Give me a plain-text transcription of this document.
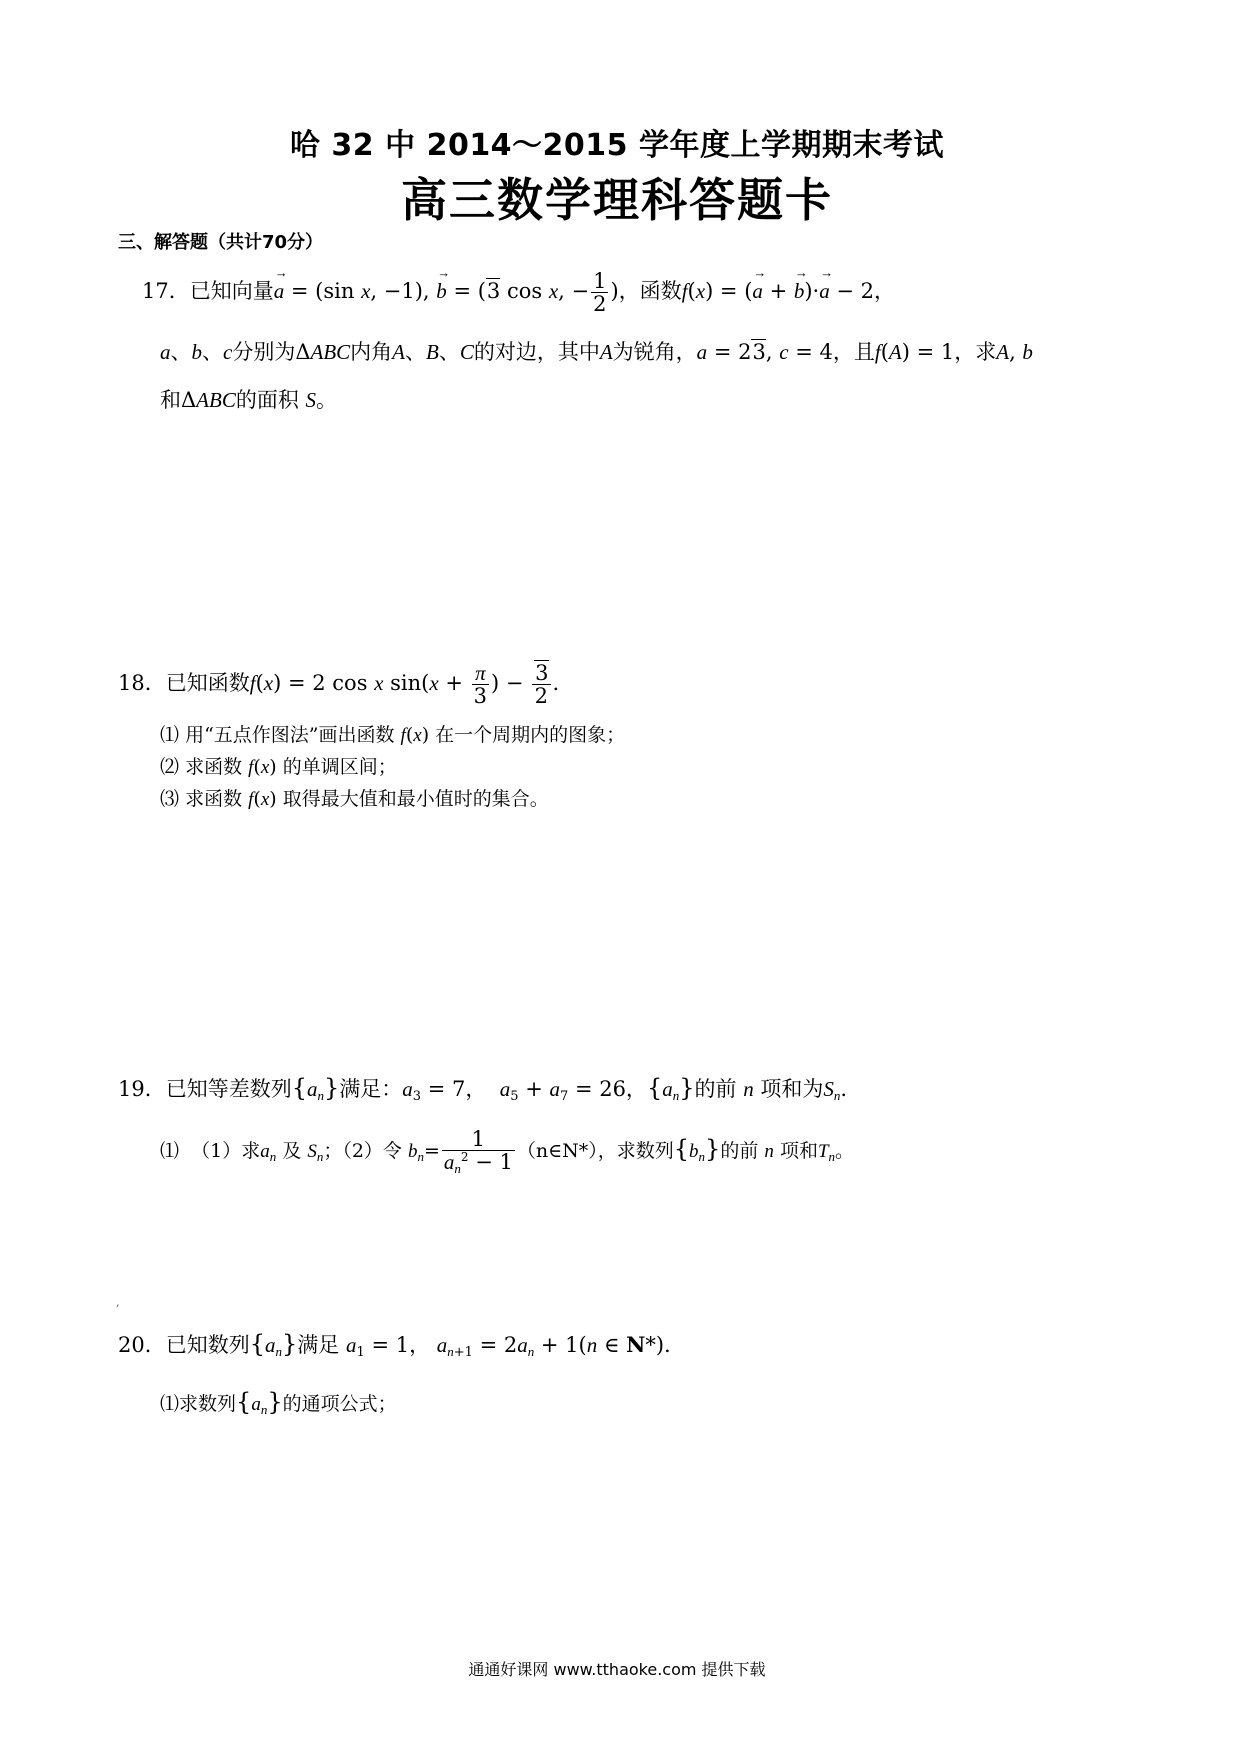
哈 32 中 2014～2015 学年度上学期期末考试
高三数学理科答题卡
三、解答题（共计70分）
17．已知向量→ a = (sin x, −1), → b = (3 cos x, − $\frac{1}{2}$ )，函数f(x) = (→ a + → b)·→ a − 2，
a、b、c分别为ΔABC内角A、B、C的对边，其中A为锐角，a = 23, c = 4，且f(A) = 1，求A, b
和ΔABC的面积 S。
18．已知函数f(x) = 2 cos x $\sin(x + \frac{\pi}{3}$ ) − $\frac{3}{2}$ .
⑴ 用“五点作图法”画出函数 f(x) 在一个周期内的图象；
⑵ 求函数 f(x) 的单调区间；
⑶ 求函数 f(x) 取得最大值和最小值时的集合。
19．已知等差数列$\{a_n\}$满足：$a_3 = 7$，  $a_5 + a_7 = 26$，$\{a_n\}$的前 n 项和为$S_n$.
⑴ （1）求$a_n$ 及 $S_n$；（2）令 $b_n= \frac{1}{a_n^2 - 1}$ （n∈N*），求数列$\{b_n\}$的前 n 项和$T_n$。
,
20．已知数列$\{a_n\}$满足 $a_1 = 1$， $a_{n+1} = 2a_n + 1(n$ ∈ N*).
⑴求数列$\{a_n\}$的通项公式；
通通好课网 www.tthaoke.com 提供下载
